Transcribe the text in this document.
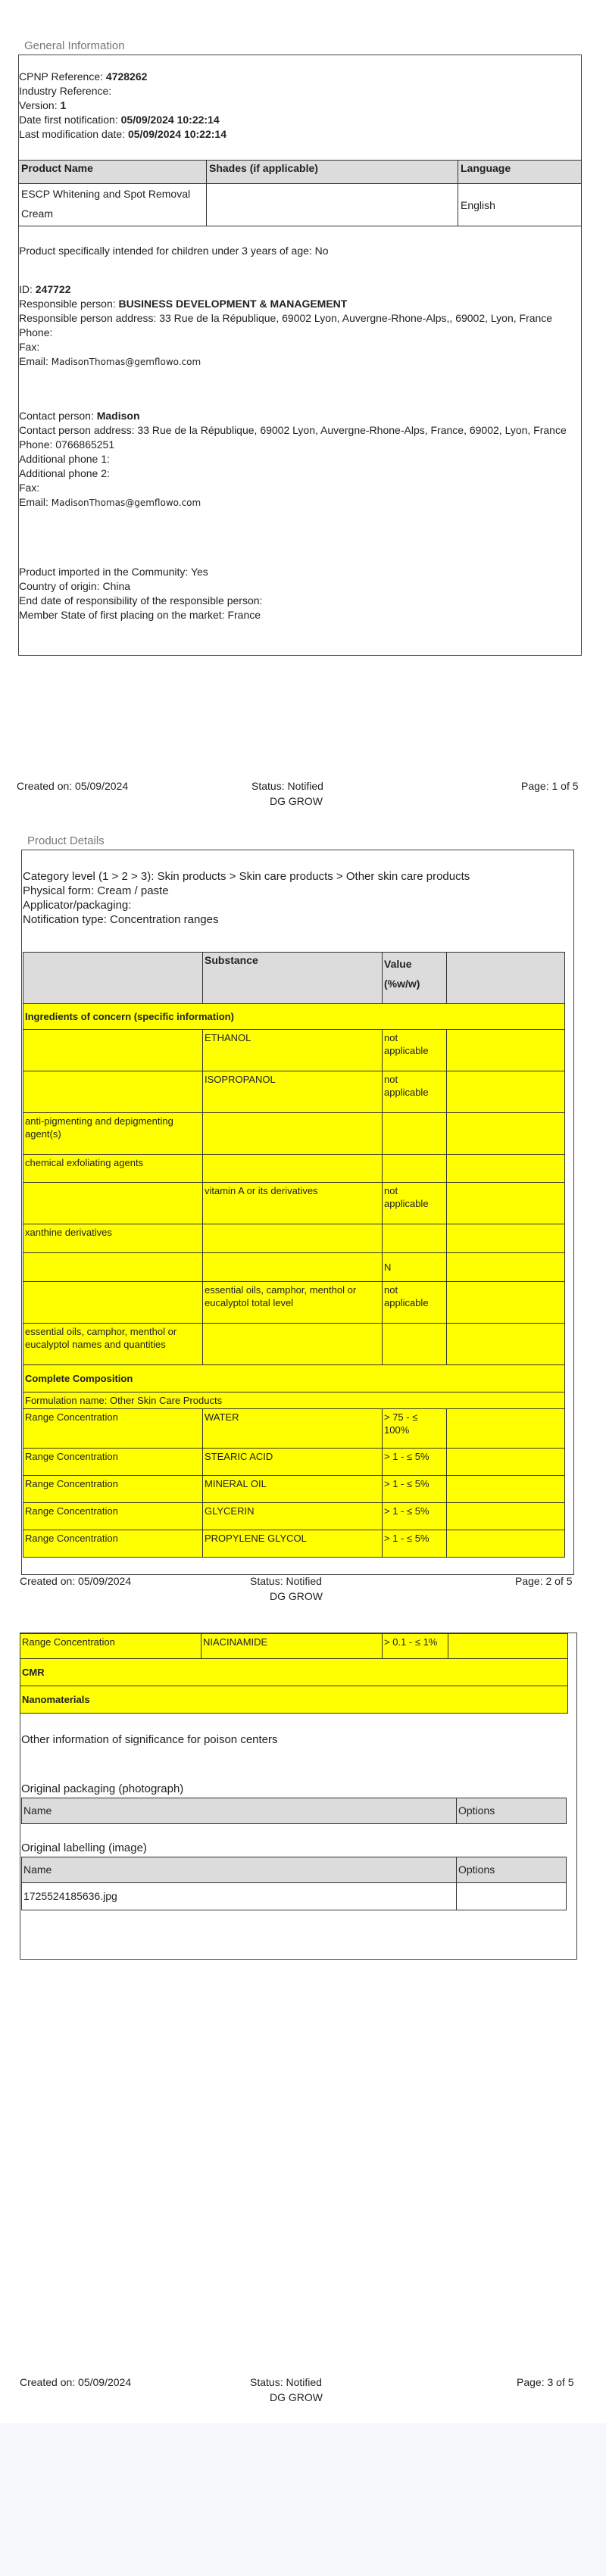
General Information
CPNP Reference: 4728262
Industry Reference:
Version: 1
Date first notification: 05/09/2024 10:22:14
Last modification date: 05/09/2024 10:22:14
Product Name	Shades (if applicable)	Language
ESCP Whitening and Spot Removal Cream		English
Product specifically intended for children under 3 years of age: No
ID: 247722
Responsible person: BUSINESS DEVELOPMENT & MANAGEMENT
Responsible person address: 33 Rue de la République, 69002 Lyon, Auvergne-Rhone-Alps,, 69002, Lyon, France
Phone:
Fax:
Email: MadisonThomas@gemflowo.com
Contact person: Madison
Contact person address: 33 Rue de la République, 69002 Lyon, Auvergne-Rhone-Alps, France, 69002, Lyon, France
Phone: 0766865251
Additional phone 1:
Additional phone 2:
Fax:
Email: MadisonThomas@gemflowo.com
Product imported in the Community: Yes
Country of origin: China
End date of responsibility of the responsible person:
Member State of first placing on the market: France
Created on: 05/09/2024	Status: Notified
DG GROW
Page: 1 of 5
Product Details
Category level (1 > 2 > 3): Skin products > Skin care products > Other skin care products
Physical form: Cream / paste
Applicator/packaging:
Notification type: Concentration ranges
	Substance	Value (%w/w)	
Ingredients of concern (specific information)			
	ETHANOL	not applicable	
	ISOPROPANOL	not applicable	
anti-pigmenting and depigmenting agent(s)			
chemical exfoliating agents			
	vitamin A or its derivatives	not applicable	
xanthine derivatives			
		N	
	essential oils, camphor, menthol or eucalyptol total level	not applicable	
essential oils, camphor, menthol or eucalyptol names and quantities			
Complete Composition			
Formulation name: Other Skin Care Products			
Range Concentration	WATER	> 75 - ≤ 100%	
Range Concentration	STEARIC ACID	> 1 - ≤ 5%	
Range Concentration	MINERAL OIL	> 1 - ≤ 5%	
Range Concentration	GLYCERIN	> 1 - ≤ 5%	
Range Concentration	PROPYLENE GLYCOL	> 1 - ≤ 5%	
Created on: 05/09/2024	Status: Notified
DG GROW
Page: 2 of 5
Range Concentration	NIACINAMIDE	> 0.1 - ≤ 1%	
CMR
Nanomaterials
Other information of significance for poison centers
Original packaging (photograph)
Name	Options
Original labelling (image)
Name	Options
1725524185636.jpg	
Created on: 05/09/2024	Status: Notified
DG GROW
Page: 3 of 5
